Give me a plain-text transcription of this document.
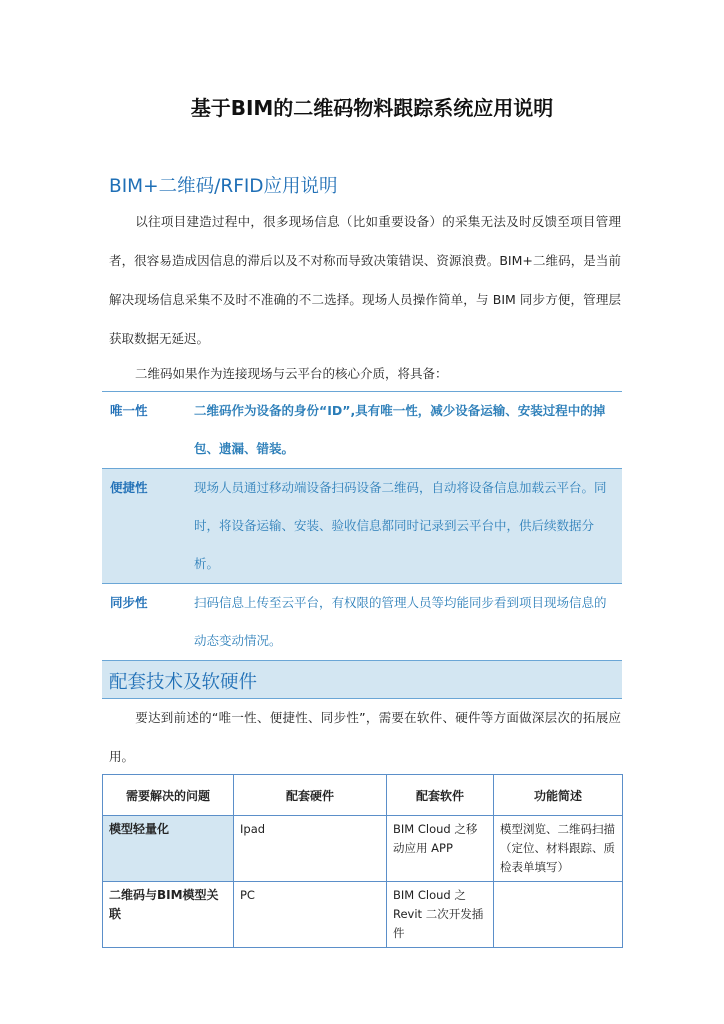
基于BIM的二维码物料跟踪系统应用说明
BIM+二维码/RFID应用说明
以往项目建造过程中，很多现场信息（比如重要设备）的采集无法及时反馈至项目管理者，很容易造成因信息的滞后以及不对称而导致决策错误、资源浪费。BIM+二维码，是当前解决现场信息采集不及时不准确的不二选择。现场人员操作简单，与 BIM 同步方便，管理层获取数据无延迟。
二维码如果作为连接现场与云平台的核心介质，将具备：
唯一性	二维码作为设备的身份“ID”,具有唯一性，减少设备运输、安装过程中的掉包、遗漏、错装。
便捷性	现场人员通过移动端设备扫码设备二维码，自动将设备信息加载云平台。同时，将设备运输、安装、验收信息都同时记录到云平台中，供后续数据分析。
同步性	扫码信息上传至云平台，有权限的管理人员等均能同步看到项目现场信息的动态变动情况。
配套技术及软硬件
要达到前述的“唯一性、便捷性、同步性”，需要在软件、硬件等方面做深层次的拓展应用。
需要解决的问题	配套硬件	配套软件	功能简述
模型轻量化	Ipad	BIM Cloud 之移动应用 APP	模型浏览、二维码扫描（定位、材料跟踪、质检表单填写）
二维码与BIM模型关联	PC	BIM Cloud 之 Revit 二次开发插件	
